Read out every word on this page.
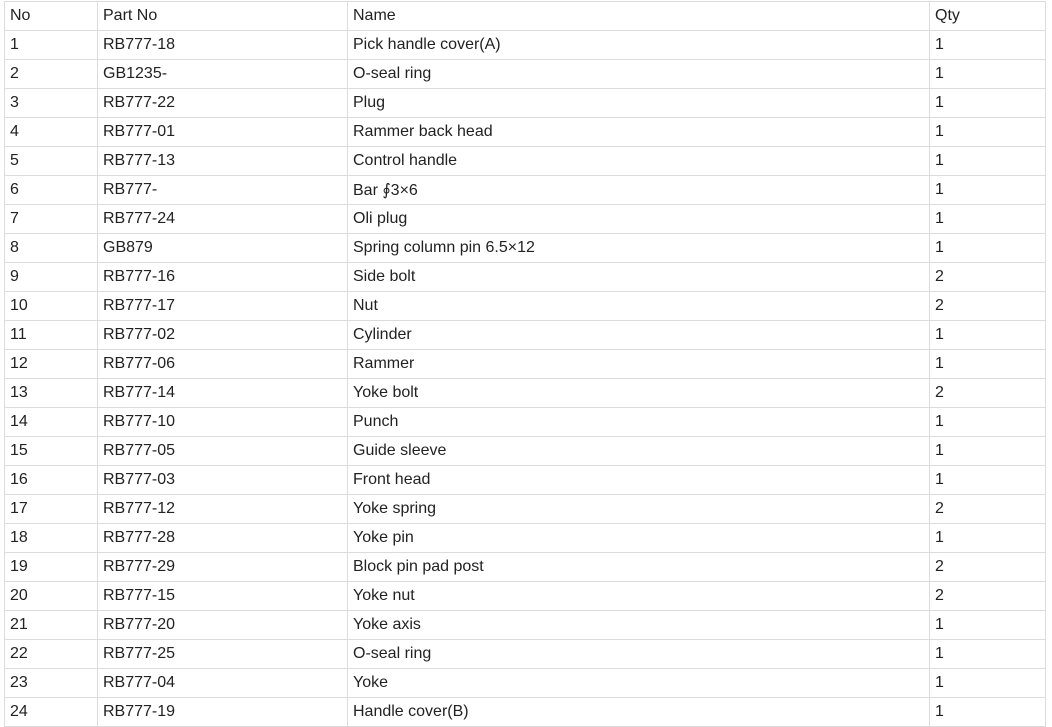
No	Part No	Name	Qty
1	RB777-18	Pick handle cover(A)	1
2	GB1235-	O-seal ring	1
3	RB777-22	Plug	1
4	RB777-01	Rammer back head	1
5	RB777-13	Control handle	1
6	RB777-	Bar ∮3×6	1
7	RB777-24	Oli plug	1
8	GB879	Spring column pin 6.5×12	1
9	RB777-16	Side bolt	2
10	RB777-17	Nut	2
11	RB777-02	Cylinder	1
12	RB777-06	Rammer	1
13	RB777-14	Yoke bolt	2
14	RB777-10	Punch	1
15	RB777-05	Guide sleeve	1
16	RB777-03	Front head	1
17	RB777-12	Yoke spring	2
18	RB777-28	Yoke pin	1
19	RB777-29	Block pin pad post	2
20	RB777-15	Yoke nut	2
21	RB777-20	Yoke axis	1
22	RB777-25	O-seal ring	1
23	RB777-04	Yoke	1
24	RB777-19	Handle cover(B)	1
